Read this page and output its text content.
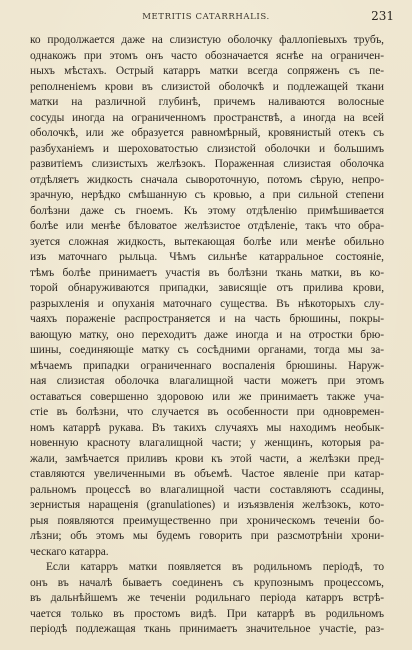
METRITIS CATARRHALIS.	231
ко продолжается даже на слизистую оболочку фаллопіевыхъ трубъ,
однакожъ при этомъ онъ часто обозначается яснѣе на ограничен-
ныхъ мѣстахъ. Острый катарръ матки всегда сопряженъ съ пе-
реполненіемъ крови въ слизистой оболочкѣ и подлежащей ткани
матки на различной глубинѣ, причемъ наливаются волосные
сосуды иногда на ограниченномъ пространствѣ, а иногда на всей
оболочкѣ, или же образуется равномѣрный, кровянистый отекъ съ
разбуханіемъ и шероховатостью слизистой оболочки и большимъ
развитіемъ слизистыхъ желѣзокъ. Пораженная слизистая оболочка
отдѣляетъ жидкость сначала сывороточную, потомъ сѣрую, непро-
зрачную, нерѣдко смѣшанную съ кровью, а при сильной степени
болѣзни даже съ гноемъ. Къ этому отдѣленію примѣшивается
болѣе или менѣе бѣловатое желѣзистое отдѣленіе, такъ что обра-
зуется сложная жидкость, вытекающая болѣе или менѣе обильно
изъ маточнаго рыльца. Чѣмъ сильнѣе катарральное состояніе,
тѣмъ болѣе принимаетъ участія въ болѣзни ткань матки, въ ко-
торой обнаруживаются припадки, зависящіе отъ прилива крови,
разрыхленія и опуханія маточнаго существа. Въ нѣкоторыхъ слу-
чаяхъ пораженіе распространяется и на часть брюшины, покры-
вающую матку, оно переходитъ даже иногда и на отростки брю-
шины, соединяющіе матку съ сосѣдними органами, тогда мы за-
мѣчаемъ припадки ограниченнаго воспаленія брюшины. Наруж-
ная слизистая оболочка влагалищной части можетъ при этомъ
оставаться совершенно здоровою или же принимаетъ также уча-
стіе въ болѣзни, что случается въ особенности при одновремен-
номъ катаррѣ рукава. Въ такихъ случаяхъ мы находимъ необык-
новенную краснoту влагалищной части; у женщинъ, которыя ра-
жали, замѣчается приливъ крови къ этой части, а желѣзки пред-
ставляются увеличенными въ объемѣ. Частое явленіе при катар-
ральномъ процессѣ во влагалищной части составляютъ ссадины,
зернистыя наращенія (granulationes) и изъязвленія желѣзокъ, кото-
рыя появляются преимущественно при хроническомъ теченіи бо-
лѣзни; объ этомъ мы будемъ говорить при разсмотрѣніи хрони-
ческаго катарра.
Если катарръ матки появляется въ родильномъ періодѣ, то
онъ въ началѣ бываетъ соединенъ съ крупознымъ процессомъ,
въ дальнѣйшемъ же теченіи родильнаго періода катарръ встрѣ-
чается только въ простомъ видѣ. При катаррѣ въ родильномъ
періодѣ подлежащая ткань принимаетъ значительное участіе, раз-
